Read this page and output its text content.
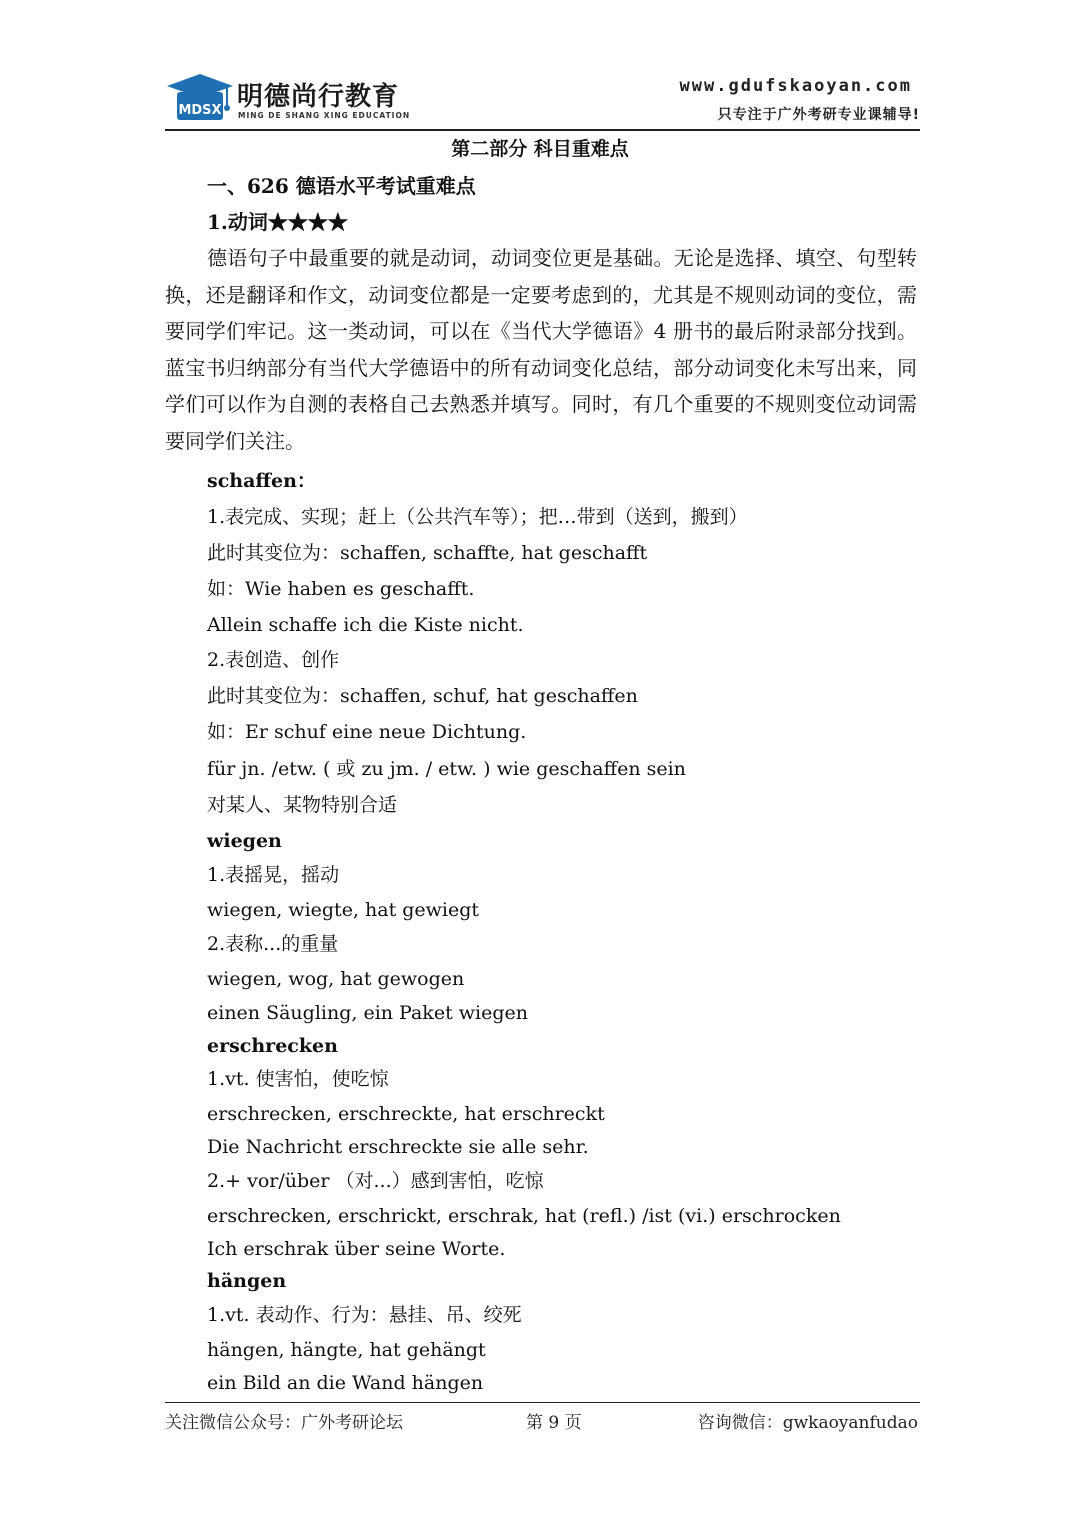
MDSX 明德尚行教育
MING DE SHANG XING EDUCATION
www.gdufskaoyan.com
只专注于广外考研专业课辅导!
第二部分 科目重难点
一、626 德语水平考试重难点
1.动词★★★★
德语句子中最重要的就是动词，动词变位更是基础。无论是选择、填空、句型转换，还是翻译和作文，动词变位都是一定要考虑到的，尤其是不规则动词的变位，需要同学们牢记。这一类动词，可以在《当代大学德语》4 册书的最后附录部分找到。蓝宝书归纳部分有当代大学德语中的所有动词变化总结，部分动词变化未写出来，同学们可以作为自测的表格自己去熟悉并填写。同时，有几个重要的不规则变位动词需要同学们关注。
schaffen：
1.表完成、实现；赶上（公共汽车等）；把…带到（送到，搬到）
此时其变位为：schaffen, schaffte, hat geschafft
如：Wie haben es geschafft.
Allein schaffe ich die Kiste nicht.
2.表创造、创作
此时其变位为：schaffen, schuf, hat geschaffen
如：Er schuf eine neue Dichtung.
für jn. /etw. ( 或 zu jm. / etw. ) wie geschaffen sein
对某人、某物特别合适
wiegen
1.表摇晃，摇动
wiegen, wiegte, hat gewiegt
2.表称...的重量
wiegen, wog, hat gewogen
einen Säugling, ein Paket wiegen
erschrecken
1.vt. 使害怕，使吃惊
erschrecken, erschreckte, hat erschreckt
Die Nachricht erschreckte sie alle sehr.
2.+ vor/über （对...）感到害怕，吃惊
erschrecken, erschrickt, erschrak, hat (refl.) /ist (vi.) erschrocken
Ich erschrak über seine Worte.
hängen
1.vt. 表动作、行为：悬挂、吊、绞死
hängen, hängte, hat gehängt
ein Bild an die Wand hängen
关注微信公众号：广外考研论坛	第 9 页	咨询微信：gwkaoyanfudao
